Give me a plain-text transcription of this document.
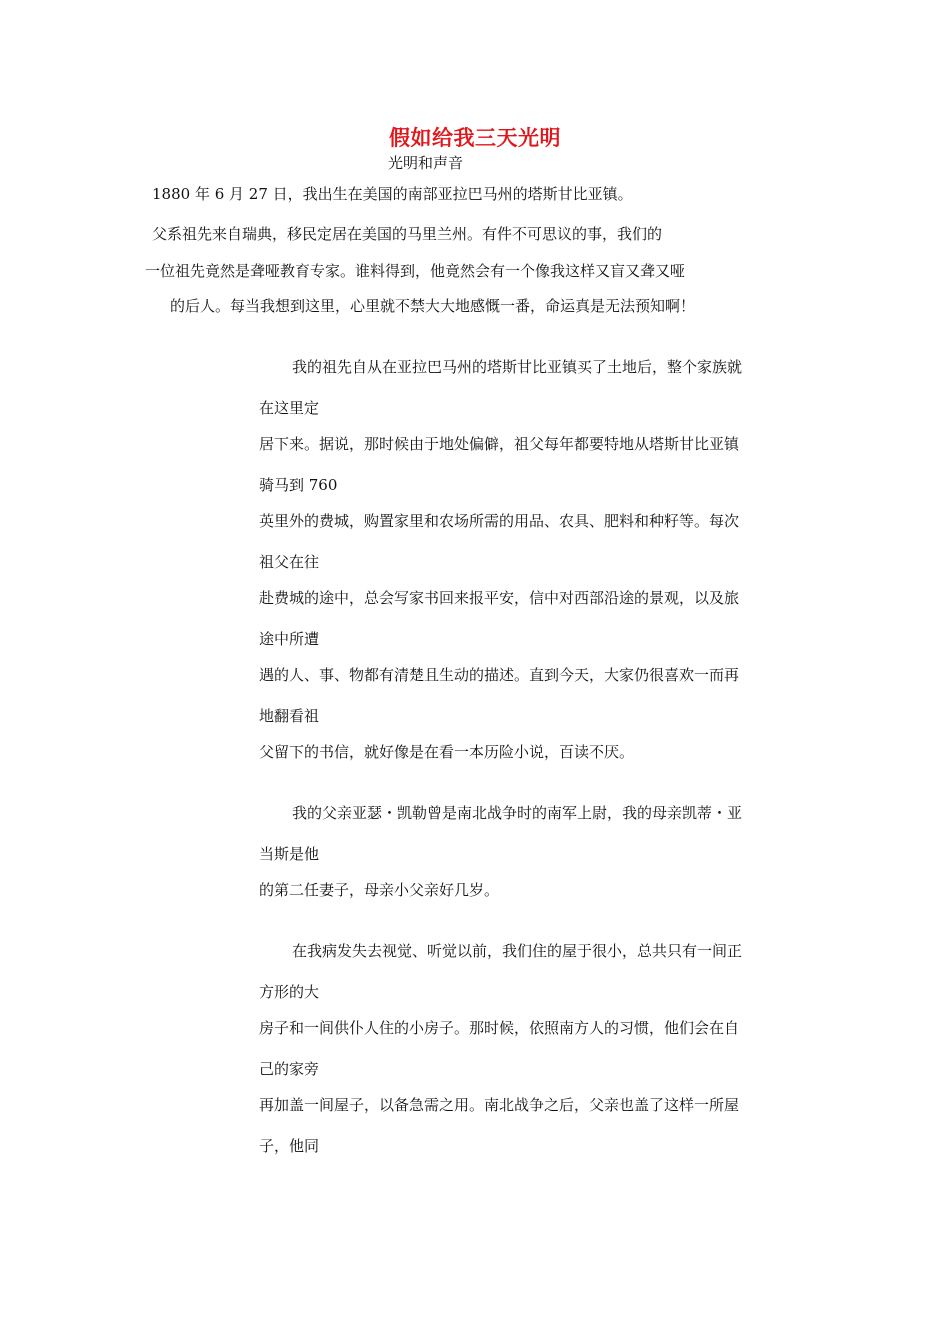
假如给我三天光明
光明和声音
1880 年 6 月 27 日，我出生在美国的南部亚拉巴马州的塔斯甘比亚镇。
父系祖先来自瑞典，移民定居在美国的马里兰州。有件不可思议的事，我们的
一位祖先竟然是聋哑教育专家。谁料得到，他竟然会有一个像我这样又盲又聋又哑
的后人。每当我想到这里，心里就不禁大大地感慨一番，命运真是无法预知啊！
我的祖先自从在亚拉巴马州的塔斯甘比亚镇买了土地后，整个家族就
在这里定
居下来。据说，那时候由于地处偏僻，祖父每年都要特地从塔斯甘比亚镇
骑马到 760
英里外的费城，购置家里和农场所需的用品、农具、肥料和种籽等。每次
祖父在往
赴费城的途中，总会写家书回来报平安，信中对西部沿途的景观，以及旅
途中所遭
遇的人、事、物都有清楚且生动的描述。直到今天，大家仍很喜欢一而再
地翻看祖
父留下的书信，就好像是在看一本历险小说，百读不厌。
我的父亲亚瑟・凯勒曾是南北战争时的南军上尉，我的母亲凯蒂・亚
当斯是他
的第二任妻子，母亲小父亲好几岁。
在我病发失去视觉、听觉以前，我们住的屋于很小，总共只有一间正
方形的大
房子和一间供仆人住的小房子。那时候，依照南方人的习惯，他们会在自
己的家旁
再加盖一间屋子，以备急需之用。南北战争之后，父亲也盖了这样一所屋
子，他同
